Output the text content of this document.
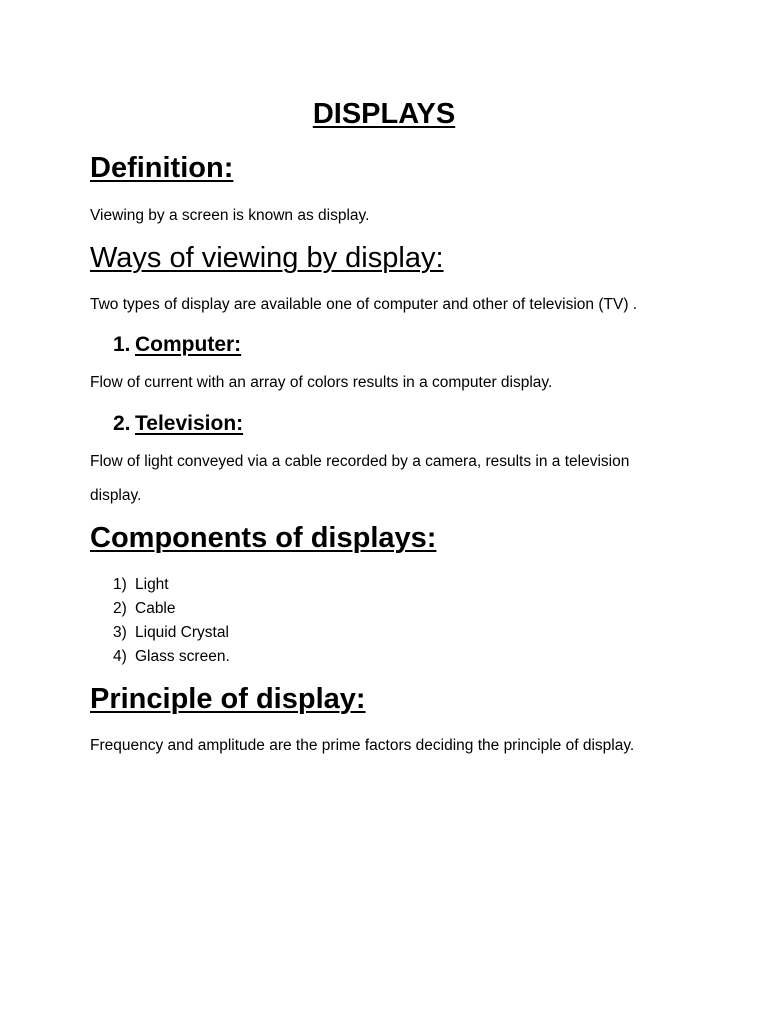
DISPLAYS
Definition:

Viewing by a screen is known as display.

Ways of viewing by display:

Two types of display are available one of computer and other of television (TV) .

1. Computer:

Flow of current with an array of colors results in a computer display.

2. Television:

Flow of light conveyed via a cable recorded by a camera, results in a television

display.

Components of displays:
1) Light
2) Cable
3) Liquid Crystal
4) Glass screen.
Principle of display:

Frequency and amplitude are the prime factors deciding the principle of display.
